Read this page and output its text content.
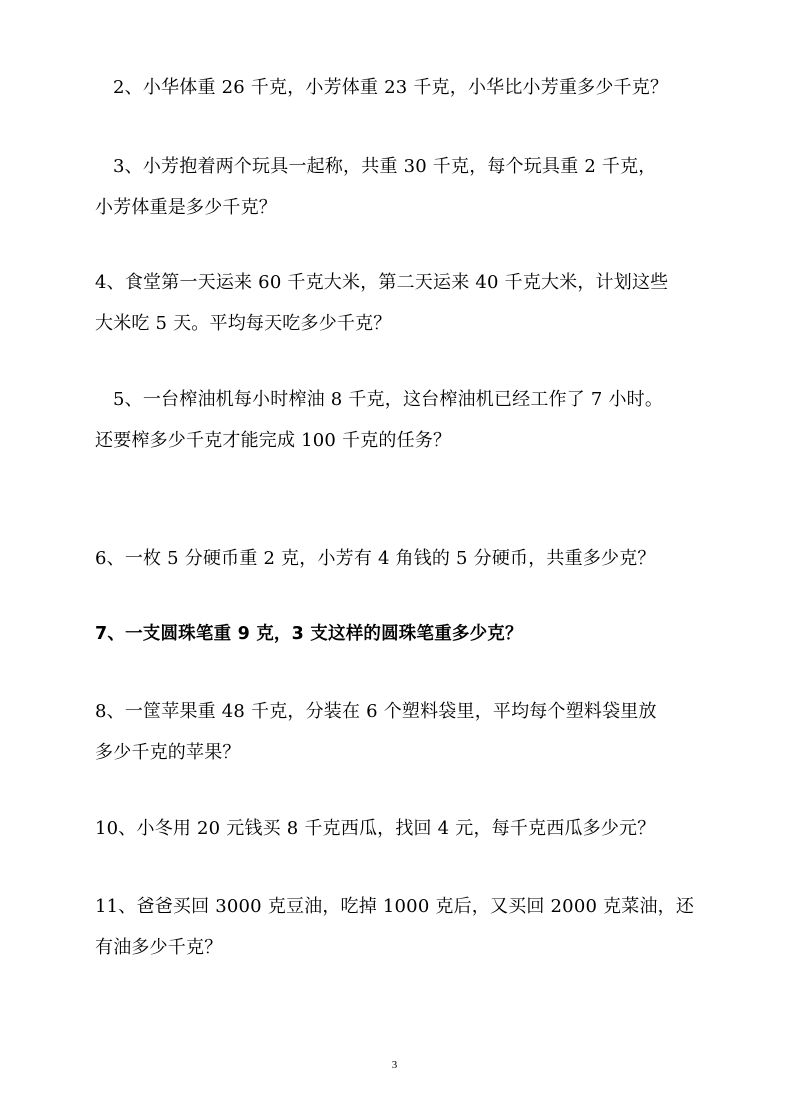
2、小华体重 26 千克，小芳体重 23 千克，小华比小芳重多少千克？
3、小芳抱着两个玩具一起称，共重 30 千克，每个玩具重 2 千克，
小芳体重是多少千克？
4、食堂第一天运来 60 千克大米，第二天运来 40 千克大米，计划这些
大米吃 5 天。平均每天吃多少千克？
5、一台榨油机每小时榨油 8 千克，这台榨油机已经工作了 7 小时。
还要榨多少千克才能完成 100 千克的任务？
6、一枚 5 分硬币重 2 克，小芳有 4 角钱的 5 分硬币，共重多少克？
7、一支圆珠笔重 9 克，3 支这样的圆珠笔重多少克？
8、一筐苹果重 48 千克，分装在 6 个塑料袋里，平均每个塑料袋里放
多少千克的苹果？
10、小冬用 20 元钱买 8 千克西瓜，找回 4 元，每千克西瓜多少元？
11、爸爸买回 3000 克豆油，吃掉 1000 克后，又买回 2000 克菜油，还
有油多少千克？
3
